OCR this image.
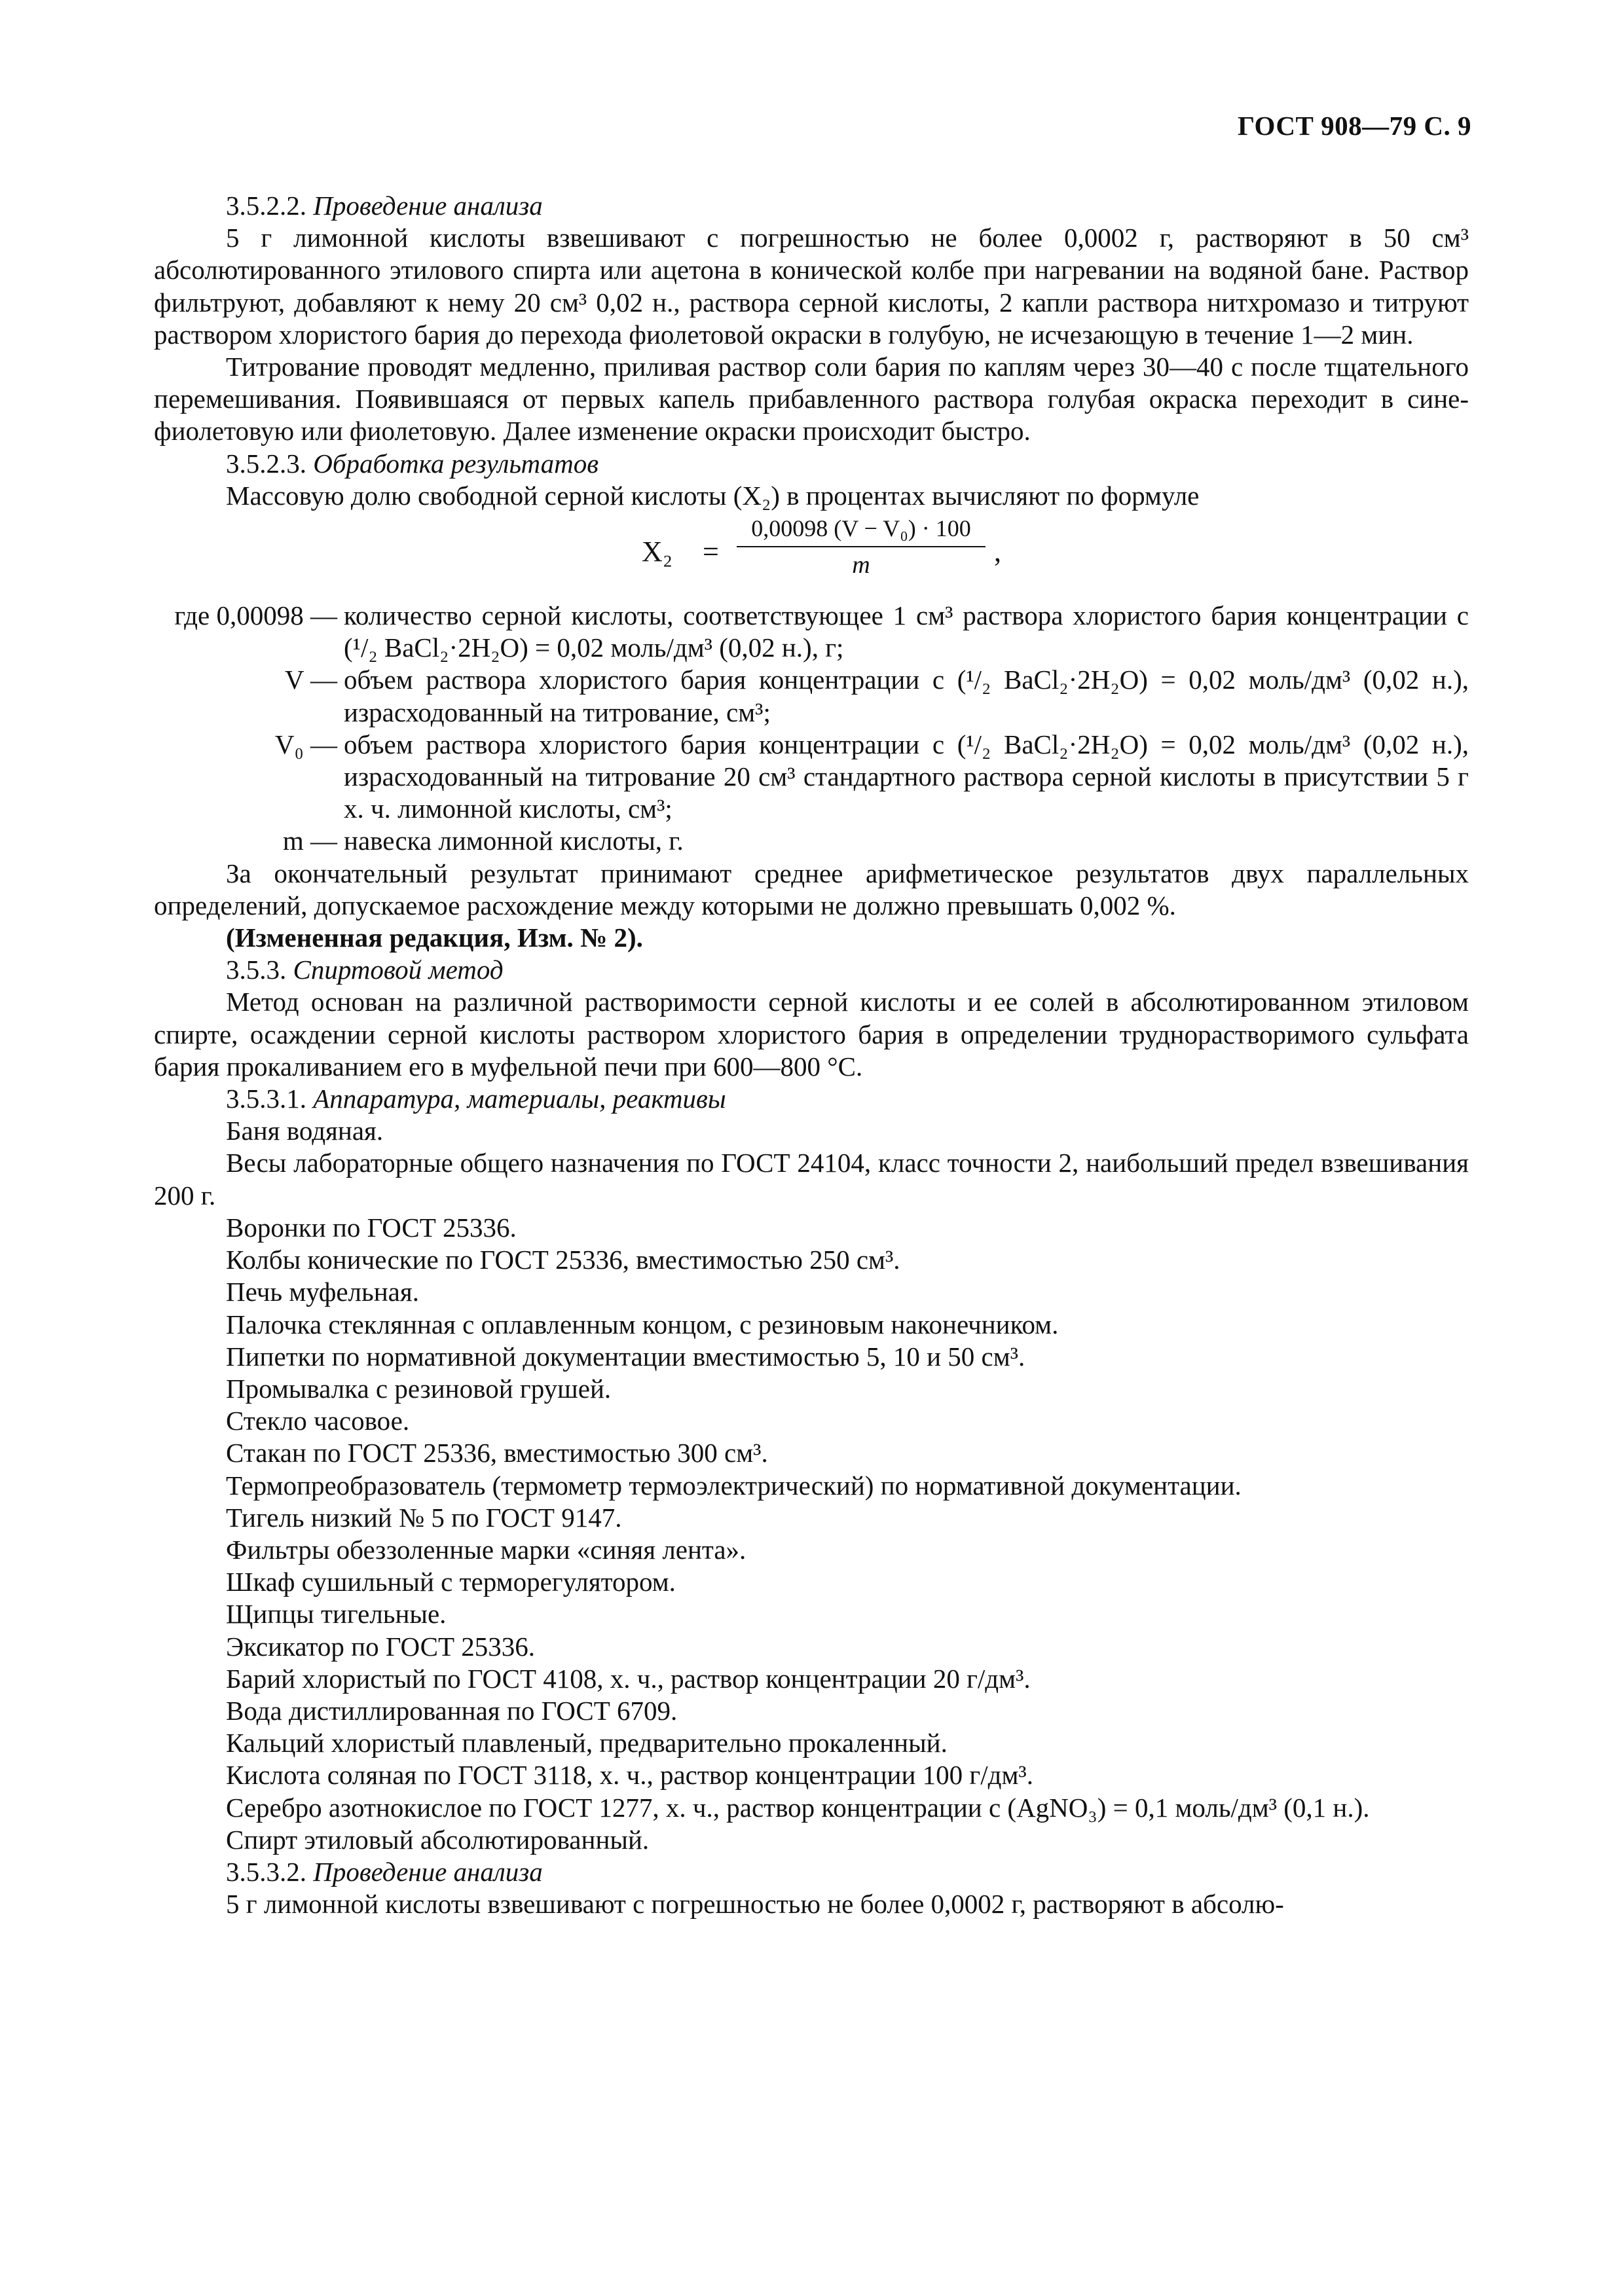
ГОСТ 908—79 С. 9
3.5.2.2. Проведение анализа

5 г лимонной кислоты взвешивают с погрешностью не более 0,0002 г, растворяют в 50 см³ абсолютированного этилового спирта или ацетона в конической колбе при нагревании на водяной бане. Раствор фильтруют, добавляют к нему 20 см³ 0,02 н., раствора серной кислоты, 2 капли раствора нитхромазо и титруют раствором хлористого бария до перехода фиолетовой окраски в голубую, не исчезающую в течение 1—2 мин.

Титрование проводят медленно, приливая раствор соли бария по каплям через 30—40 с после тщательного перемешивания. Появившаяся от первых капель прибавленного раствора голубая окраска переходит в сине-фиолетовую или фиолетовую. Далее изменение окраски происходит быстро.

3.5.2.3. Обработка результатов

Массовую долю свободной серной кислоты (X₂) в процентах вычисляют по формуле

X₂ =
0,00098 (V − V₀) · 100
m	,
где 0,00098 — количество серной кислоты, соответствующее 1 см³ раствора хлористого бария концентрации c (¹/₂ BaCl₂·2H₂O) = 0,02 моль/дм³ (0,02 н.), г;
V — объем раствора хлористого бария концентрации c (¹/₂ BaCl₂·2H₂O) = 0,02 моль/дм³ (0,02 н.), израсходованный на титрование, см³;
V₀ — объем раствора хлористого бария концентрации c (¹/₂ BaCl₂·2H₂O) = 0,02 моль/дм³ (0,02 н.), израсходованный на титрование 20 см³ стандартного раствора серной кислоты в присутствии 5 г х. ч. лимонной кислоты, см³;
m — навеска лимонной кислоты, г.

За окончательный результат принимают среднее арифметическое результатов двух параллельных определений, допускаемое расхождение между которыми не должно превышать 0,002 %.

(Измененная редакция, Изм. № 2).
3.5.3. Спиртовой метод

Метод основан на различной растворимости серной кислоты и ее солей в абсолютированном этиловом спирте, осаждении серной кислоты раствором хлористого бария в определении труднорастворимого сульфата бария прокаливанием его в муфельной печи при 600—800 °С.

3.5.3.1. Аппаратура, материалы, реактивы

Баня водяная.

Весы лабораторные общего назначения по ГОСТ 24104, класс точности 2, наибольший предел взвешивания 200 г.

Воронки по ГОСТ 25336.

Колбы конические по ГОСТ 25336, вместимостью 250 см³.

Печь муфельная.

Палочка стеклянная с оплавленным концом, с резиновым наконечником.

Пипетки по нормативной документации вместимостью 5, 10 и 50 см³.

Промывалка с резиновой грушей.

Стекло часовое.

Стакан по ГОСТ 25336, вместимостью 300 см³.

Термопреобразователь (термометр термоэлектрический) по нормативной документации.

Тигель низкий № 5 по ГОСТ 9147.

Фильтры обеззоленные марки «синяя лента».

Шкаф сушильный с терморегулятором.

Щипцы тигельные.

Эксикатор по ГОСТ 25336.

Барий хлористый по ГОСТ 4108, х. ч., раствор концентрации 20 г/дм³.

Вода дистиллированная по ГОСТ 6709.

Кальций хлористый плавленый, предварительно прокаленный.

Кислота соляная по ГОСТ 3118, х. ч., раствор концентрации 100 г/дм³.

Серебро азотнокислое по ГОСТ 1277, х. ч., раствор концентрации c (AgNO₃) = 0,1 моль/дм³ (0,1 н.).

Спирт этиловый абсолютированный.

3.5.3.2. Проведение анализа

5 г лимонной кислоты взвешивают с погрешностью не более 0,0002 г, растворяют в абсолю-
